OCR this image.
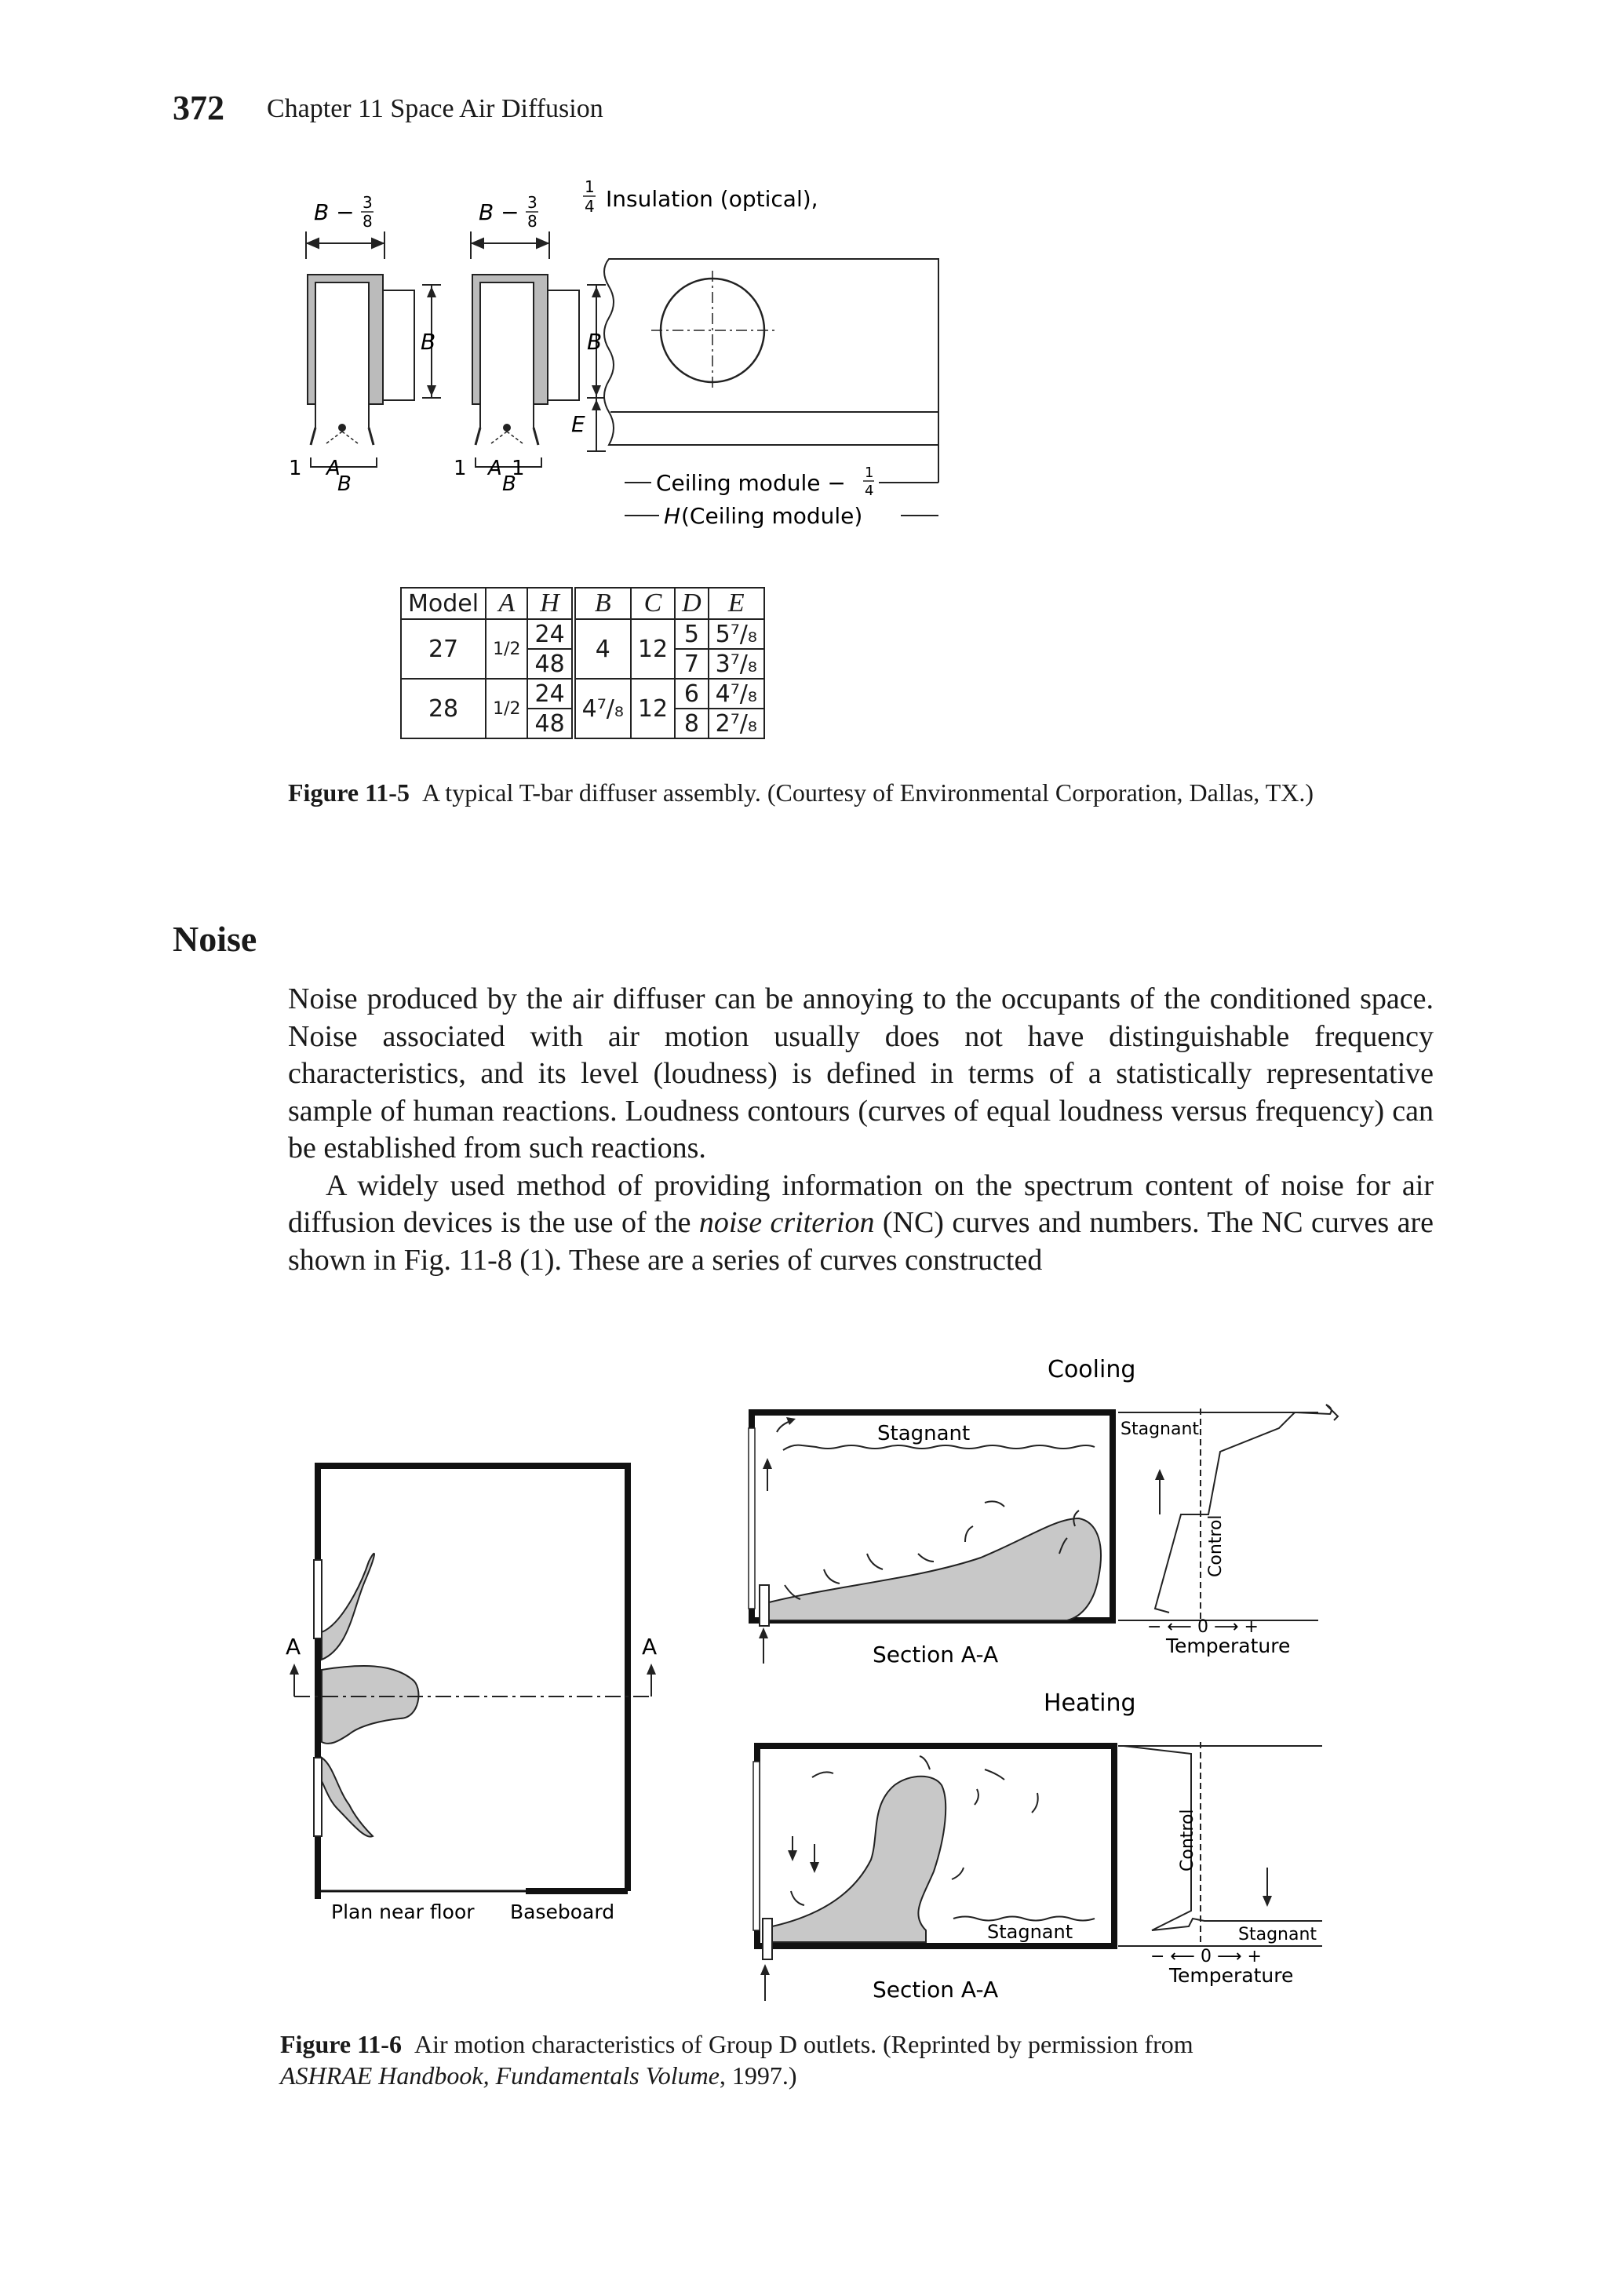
372 Chapter 11 Space Air Diffusion
B − 3
8	B − 3
8
B
1 A
B
B
E
1 A 1
B
1
4 Insulation (optical),
Ceiling module − 1
4
H (Ceiling module)
Model	A	H	B	C	D	E
27	1/2	24	4	12	5	5⁷/₈
		48			7	3⁷/₈
28	1/2	24	4⁷/₈	12	6	4⁷/₈
		48			8	2⁷/₈
Figure 11-5 A typical T-bar diffuser assembly. (Courtesy of Environmental Corporation, Dallas, TX.)
Noise

Noise produced by the air diffuser can be annoying to the occupants of the conditioned space. Noise associated with air motion usually does not have distinguishable frequency characteristics, and its level (loudness) is defined in terms of a statistically representative sample of human reactions. Loudness contours (curves of equal loudness versus frequency) can be established from such reactions.

A widely used method of providing information on the spectrum content of noise for air diffusion devices is the use of the noise criterion (NC) curves and numbers. The NC curves are shown in Fig. 11-8 (1). These are a series of curves constructed

A	A
Plan near floor Baseboard
Cooling
Stagnant
Section A-A
Stagnant
Control
− ⟵ 0 ⟶ +
Temperature
Heating
Stagnant
Section A-A
Control
Stagnant
− ⟵ 0 ⟶ +
Temperature
Figure 11-6 Air motion characteristics of Group D outlets. (Reprinted by permission from
ASHRAE Handbook, Fundamentals Volume, 1997.)
